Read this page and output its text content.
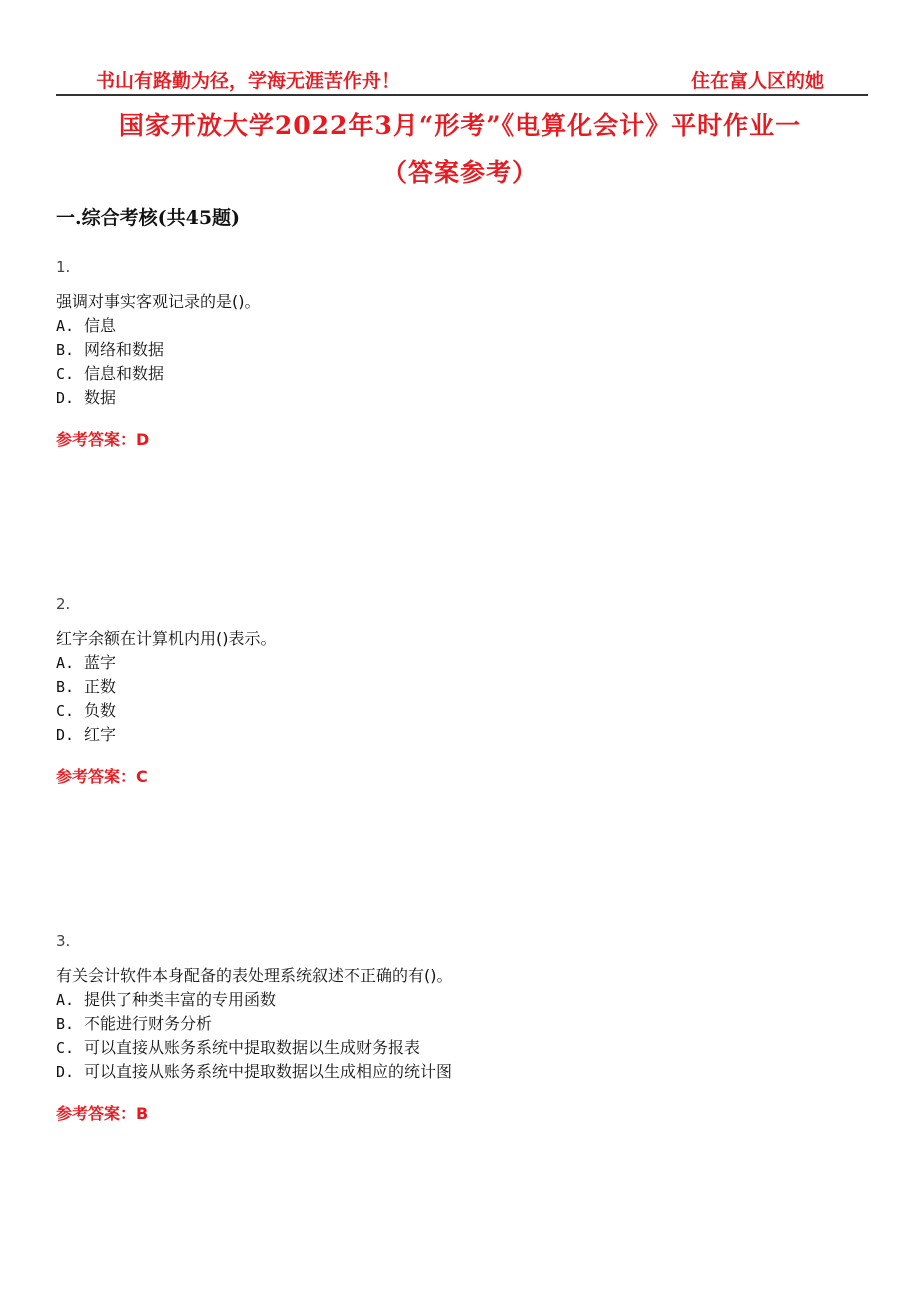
书山有路勤为径，学海无涯苦作舟！	住在富人区的她
国家开放大学2022年3月“形考”《电算化会计》平时作业一
（答案参考）
一.综合考核(共45题)
1.
强调对事实客观记录的是()。
A. 信息
B. 网络和数据
C. 信息和数据
D. 数据
参考答案：D
2.
红字余额在计算机内用()表示。
A. 蓝字
B. 正数
C. 负数
D. 红字
参考答案：C
3.
有关会计软件本身配备的表处理系统叙述不正确的有()。
A. 提供了种类丰富的专用函数
B. 不能进行财务分析
C. 可以直接从账务系统中提取数据以生成财务报表
D. 可以直接从账务系统中提取数据以生成相应的统计图
参考答案：B
